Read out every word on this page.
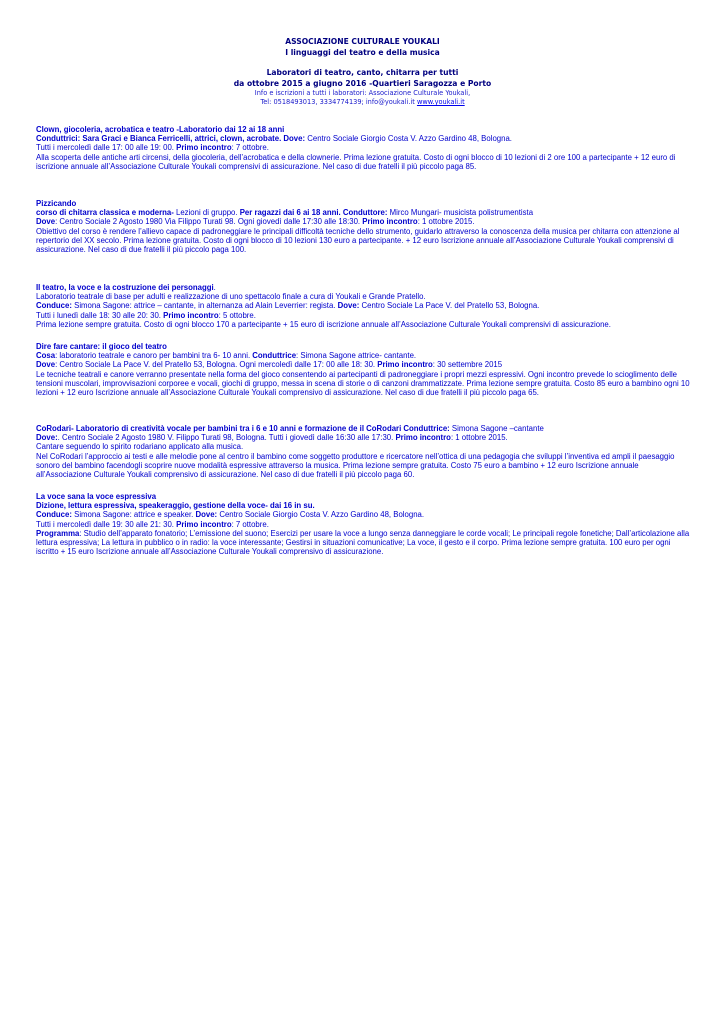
ASSOCIAZIONE CULTURALE YOUKALI
I linguaggi del teatro e della musica
Laboratori di teatro, canto, chitarra per tutti
da ottobre 2015 a giugno 2016 -Quartieri Saragozza e Porto
Info e iscrizioni a tutti i laboratori: Associazione Culturale Youkali,
Tel: 0518493013, 3334774139; info@youkali.it www.youkali.it

Clown, giocoleria, acrobatica e teatro -Laboratorio dai 12 ai 18 anni

Conduttrici: Sara Graci e Bianca Ferricelli, attrici, clown, acrobate. Dove: Centro Sociale Giorgio Costa V. Azzo Gardino 48, Bologna.

Tutti i mercoledì dalle 17: 00 alle 19: 00. Primo incontro: 7 ottobre.

Alla scoperta delle antiche arti circensi, della giocoleria, dell’acrobatica e della clownerie. Prima lezione gratuita. Costo di ogni blocco di 10 lezioni di 2 ore 100 a partecipante + 12 euro di iscrizione annuale all’Associazione Culturale Youkali comprensivi di assicurazione. Nel caso di due fratelli il più piccolo paga 85.

Pizzicando

corso di chitarra classica e moderna- Lezioni di gruppo. Per ragazzi dai 6 ai 18 anni. Conduttore: Mirco Mungari- musicista polistrumentista

Dove: Centro Sociale 2 Agosto 1980 Via Filippo Turati 98. Ogni giovedì dalle 17:30 alle 18:30. Primo incontro: 1 ottobre 2015.

Obiettivo del corso è rendere l’allievo capace di padroneggiare le principali difficoltà tecniche dello strumento, guidarlo attraverso la conoscenza della musica per chitarra con attenzione al repertorio del XX secolo. Prima lezione gratuita. Costo di ogni blocco di 10 lezioni 130 euro a partecipante. + 12 euro Iscrizione annuale all’Associazione Culturale Youkali comprensivi di assicurazione. Nel caso di due fratelli il più piccolo paga 100.

Il teatro, la voce e la costruzione dei personaggi.

Laboratorio teatrale di base per adulti e realizzazione di uno spettacolo finale a cura di Youkali e Grande Pratello.

Conduce: Simona Sagone: attrice – cantante, in alternanza ad Alain Leverrier: regista. Dove: Centro Sociale La Pace V. del Pratello 53, Bologna.

Tutti i lunedì dalle 18: 30 alle 20: 30. Primo incontro: 5 ottobre.

Prima lezione sempre gratuita. Costo di ogni blocco 170 a partecipante + 15 euro di iscrizione annuale all’Associazione Culturale Youkali comprensivi di assicurazione.

Dire fare cantare: il gioco del teatro

Cosa: laboratorio teatrale e canoro per bambini tra 6- 10 anni. Conduttrice: Simona Sagone attrice- cantante.

Dove: Centro Sociale La Pace V. del Pratello 53, Bologna. Ogni mercoledì dalle 17: 00 alle 18: 30. Primo incontro: 30 settembre 2015

Le tecniche teatrali e canore verranno presentate nella forma del gioco consentendo ai partecipanti di padroneggiare i propri mezzi espressivi. Ogni incontro prevede lo scioglimento delle tensioni muscolari, improvvisazioni corporee e vocali, giochi di gruppo, messa in scena di storie o di canzoni drammatizzate. Prima lezione sempre gratuita. Costo 85 euro a bambino ogni 10 lezioni + 12 euro Iscrizione annuale all’Associazione Culturale Youkali comprensivo di assicurazione. Nel caso di due fratelli il più piccolo paga 65.

CoRodari- Laboratorio di creatività vocale per bambini tra i 6 e 10 anni e formazione de il CoRodari Conduttrice: Simona Sagone –cantante

Dove:. Centro Sociale 2 Agosto 1980 V. Filippo Turati 98, Bologna. Tutti i giovedì dalle 16:30 alle 17:30. Primo incontro: 1 ottobre 2015.

Cantare seguendo lo spirito rodariano applicato alla musica.

Nel CoRodari l’approccio ai testi e alle melodie pone al centro il bambino come soggetto produttore e ricercatore nell’ottica di una pedagogia che sviluppi l’inventiva ed ampli il paesaggio sonoro del bambino facendogli scoprire nuove modalità espressive attraverso la musica. Prima lezione sempre gratuita. Costo 75 euro a bambino + 12 euro Iscrizione annuale all’Associazione Culturale Youkali comprensivo di assicurazione. Nel caso di due fratelli il più piccolo paga 60.

La voce sana la voce espressiva

Dizione, lettura espressiva, speakeraggio, gestione della voce- dai 16 in su.

Conduce: Simona Sagone: attrice e speaker. Dove: Centro Sociale Giorgio Costa V. Azzo Gardino 48, Bologna.

Tutti i mercoledì dalle 19: 30 alle 21: 30. Primo incontro: 7 ottobre.

Programma: Studio dell’apparato fonatorio; L’emissione del suono; Esercizi per usare la voce a lungo senza danneggiare le corde vocali; Le principali regole fonetiche; Dall’articolazione alla lettura espressiva; La lettura in pubblico o in radio: la voce interessante; Gestirsi in situazioni comunicative; La voce, il gesto e il corpo. Prima lezione sempre gratuita. 100 euro per ogni iscritto + 15 euro Iscrizione annuale all’Associazione Culturale Youkali comprensivo di assicurazione.
